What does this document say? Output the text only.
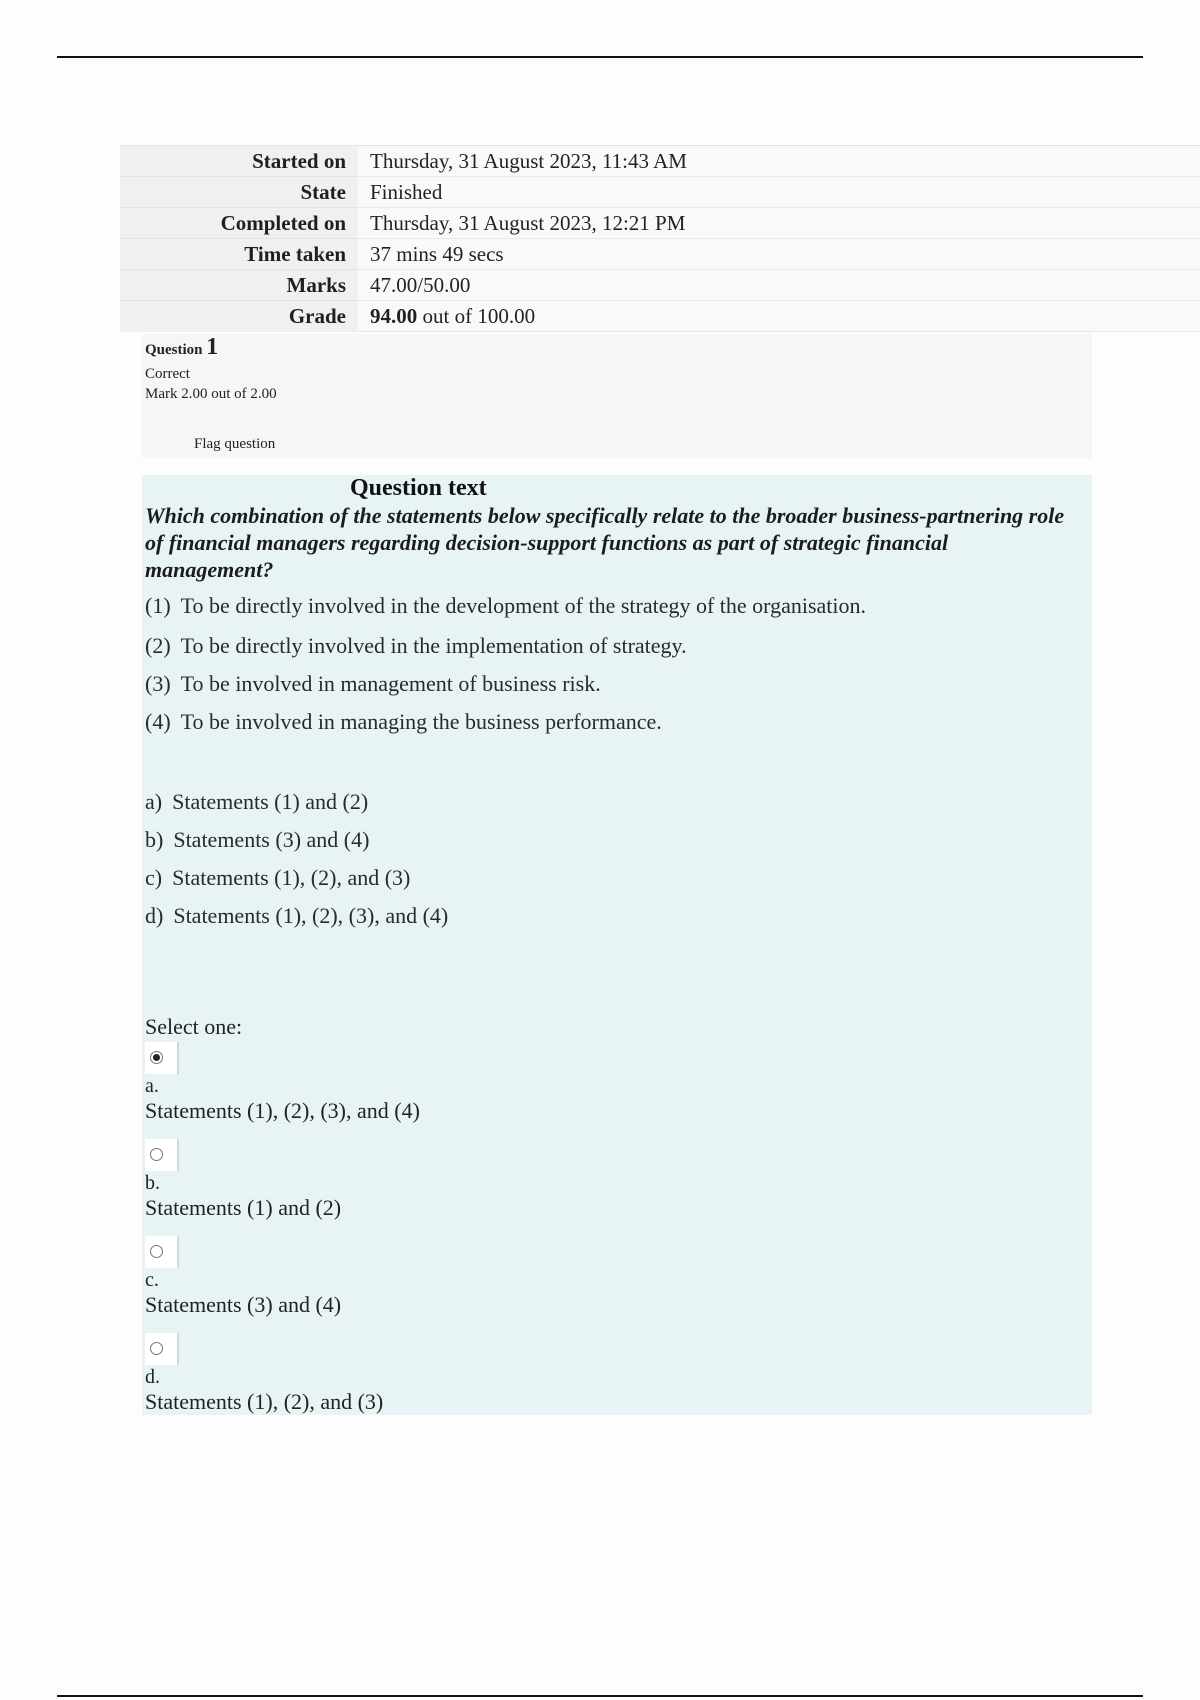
Started on	Thursday, 31 August 2023, 11:43 AM
State	Finished
Completed on	Thursday, 31 August 2023, 12:21 PM
Time taken	37 mins 49 secs
Marks	47.00/50.00
Grade	94.00 out of 100.00
Question 1
Correct
Mark 2.00 out of 2.00
Flag question
Question text
Which combination of the statements below specifically relate to the broader business-partnering role of financial managers regarding decision-support functions as part of strategic financial management?
(1) To be directly involved in the development of the strategy of the organisation.
(2) To be directly involved in the implementation of strategy.
(3) To be involved in management of business risk.
(4) To be involved in managing the business performance.
a) Statements (1) and (2)
b) Statements (3) and (4)
c) Statements (1), (2), and (3)
d) Statements (1), (2), (3), and (4)
Select one:
a.
Statements (1), (2), (3), and (4)
b.
Statements (1) and (2)
c.
Statements (3) and (4)
d.
Statements (1), (2), and (3)
